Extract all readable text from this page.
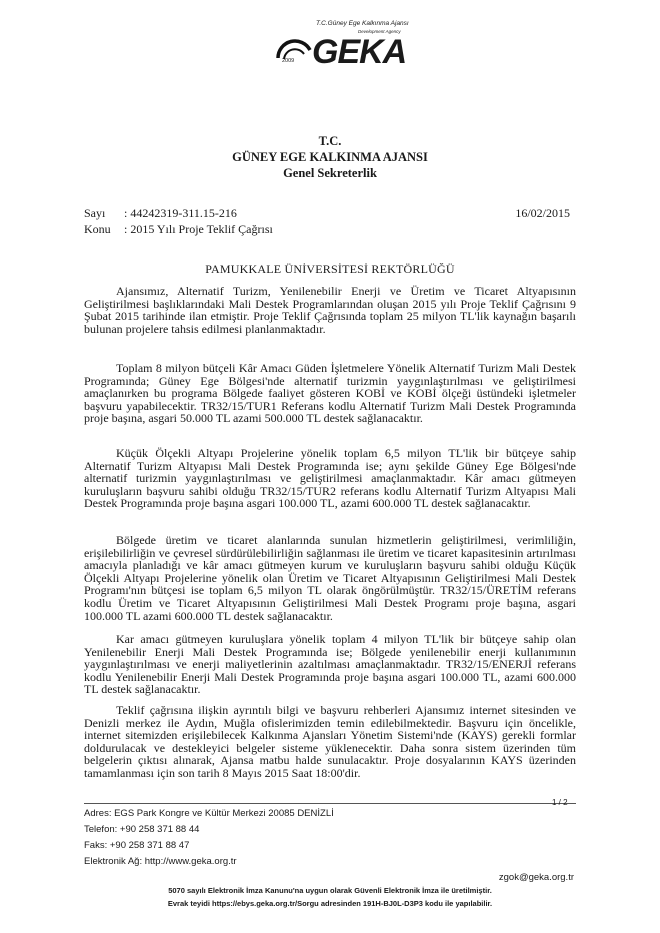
T.C.Güney Ege Kalkınma Ajansı
Development Agency
2009 GEKA
T.C.
GÜNEY EGE KALKINMA AJANSI
Genel Sekreterlik
Sayı : 44242319-311.15-216
Konu : 2015 Yılı Proje Teklif Çağrısı
16/02/2015
PAMUKKALE ÜNİVERSİTESİ REKTÖRLÜĞÜ

Ajansımız, Alternatif Turizm, Yenilenebilir Enerji ve Üretim ve Ticaret Altyapısının Geliştirilmesi başlıklarındaki Mali Destek Programlarından oluşan 2015 yılı Proje Teklif Çağrısını 9 Şubat 2015 tarihinde ilan etmiştir. Proje Teklif Çağrısında toplam 25 milyon TL'lik kaynağın başarılı bulunan projelere tahsis edilmesi planlanmaktadır.

Toplam 8 milyon bütçeli Kâr Amacı Güden İşletmelere Yönelik Alternatif Turizm Mali Destek Programında; Güney Ege Bölgesi'nde alternatif turizmin yaygınlaştırılması ve geliştirilmesi amaçlanırken bu programa Bölgede faaliyet gösteren KOBİ ve KOBİ ölçeği üstündeki işletmeler başvuru yapabilecektir. TR32/15/TUR1 Referans kodlu Alternatif Turizm Mali Destek Programında proje başına, asgari 50.000 TL azami 500.000 TL destek sağlanacaktır.

Küçük Ölçekli Altyapı Projelerine yönelik toplam 6,5 milyon TL'lik bir bütçeye sahip Alternatif Turizm Altyapısı Mali Destek Programında ise; aynı şekilde Güney Ege Bölgesi'nde alternatif turizmin yaygınlaştırılması ve geliştirilmesi amaçlanmaktadır. Kâr amacı gütmeyen kuruluşların başvuru sahibi olduğu TR32/15/TUR2 referans kodlu Alternatif Turizm Altyapısı Mali Destek Programında proje başına asgari 100.000 TL, azami 600.000 TL destek sağlanacaktır.

Bölgede üretim ve ticaret alanlarında sunulan hizmetlerin geliştirilmesi, verimliliğin, erişilebilirliğin ve çevresel sürdürülebilirliğin sağlanması ile üretim ve ticaret kapasitesinin artırılması amacıyla planladığı ve kâr amacı gütmeyen kurum ve kuruluşların başvuru sahibi olduğu Küçük Ölçekli Altyapı Projelerine yönelik olan Üretim ve Ticaret Altyapısının Geliştirilmesi Mali Destek Programı'nın bütçesi ise toplam 6,5 milyon TL olarak öngörülmüştür. TR32/15/ÜRETİM referans kodlu Üretim ve Ticaret Altyapısının Geliştirilmesi Mali Destek Programı proje başına, asgari 100.000 TL azami 600.000 TL destek sağlanacaktır.

Kar amacı gütmeyen kuruluşlara yönelik toplam 4 milyon TL'lik bir bütçeye sahip olan Yenilenebilir Enerji Mali Destek Programında ise; Bölgede yenilenebilir enerji kullanımının yaygınlaştırılması ve enerji maliyetlerinin azaltılması amaçlanmaktadır. TR32/15/ENERJİ referans kodlu Yenilenebilir Enerji Mali Destek Programında proje başına asgari 100.000 TL, azami 600.000 TL destek sağlanacaktır.

Teklif çağrısına ilişkin ayrıntılı bilgi ve başvuru rehberleri Ajansımız internet sitesinden ve Denizli merkez ile Aydın, Muğla ofislerimizden temin edilebilmektedir. Başvuru için öncelikle, internet sitemizden erişilebilecek Kalkınma Ajansları Yönetim Sistemi'nde (KAYS) gerekli formlar doldurulacak ve destekleyici belgeler sisteme yüklenecektir. Daha sonra sistem üzerinden tüm belgelerin çıktısı alınarak, Ajansa matbu halde sunulacaktır. Proje dosyalarının KAYS üzerinden tamamlanması için son tarih 8 Mayıs 2015 Saat 18:00'dir.

1 / 2
Adres: EGS Park Kongre ve Kültür Merkezi 20085 DENİZLİ
Telefon: +90 258 371 88 44
Faks: +90 258 371 88 47
Elektronik Ağ: http://www.geka.org.tr
zgok@geka.org.tr
5070 sayılı Elektronik İmza Kanunu'na uygun olarak Güvenli Elektronik İmza ile üretilmiştir.
Evrak teyidi https://ebys.geka.org.tr/Sorgu adresinden 191H-BJ0L-D3P3 kodu ile yapılabilir.
